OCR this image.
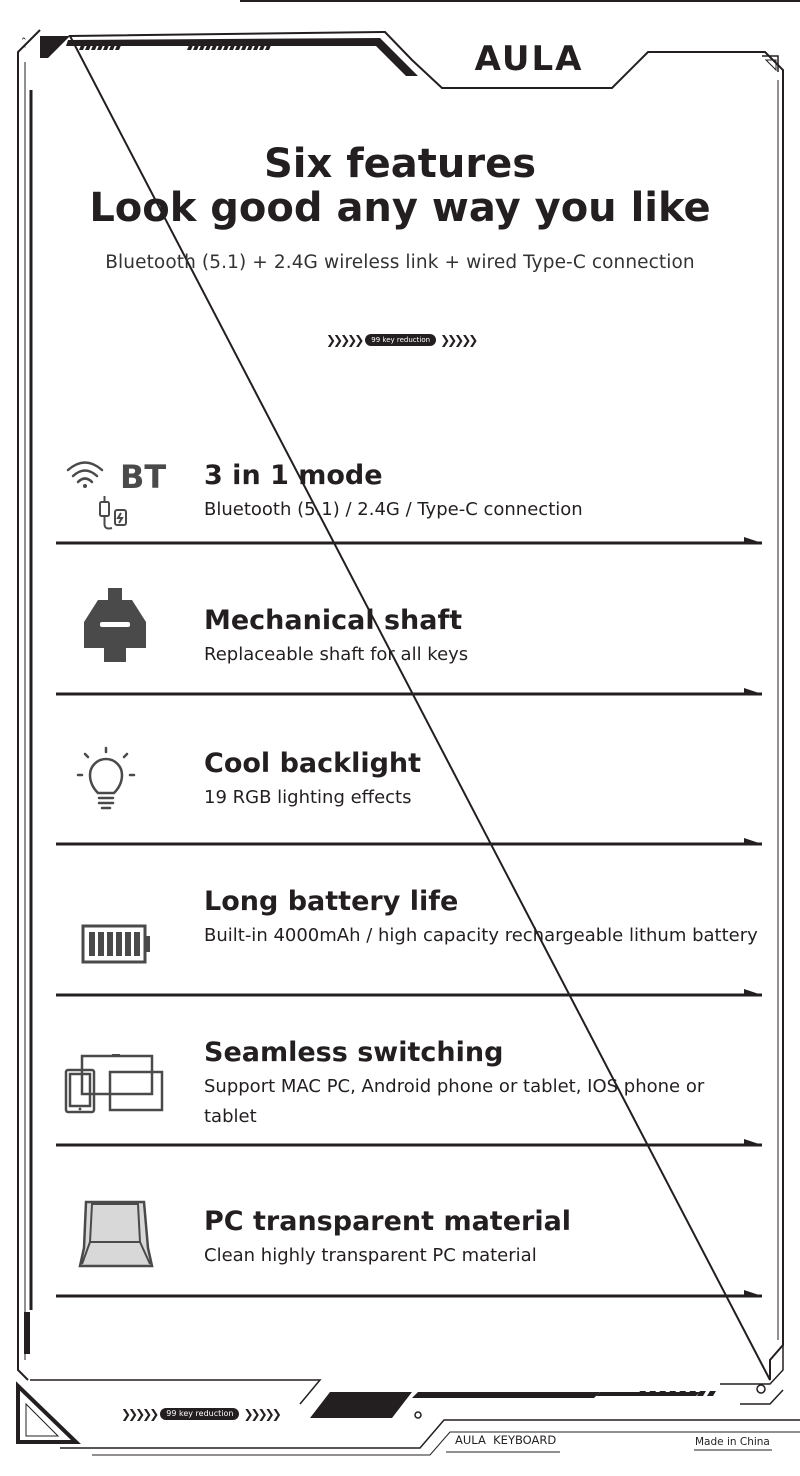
⌃
⌃	AULA
Six features
Look good any way you like
Bluetooth (5.1) + 2.4G wireless link + wired Type-C connection
❯❯❯❯❯	99 key reduction ❯❯❯❯❯
BT 3 in 1 mode
Bluetooth (5.1) / 2.4G / Type-C connection
Mechanical shaft
Replaceable shaft for all keys
Cool backlight
19 RGB lighting effects
Long battery life
Built-in 4000mAh / high capacity rechargeable lithum battery
Seamless switching
Support MAC PC, Android phone or tablet, IOS phone or tablet
PC transparent material
Clean highly transparent PC material
❯❯❯❯❯	99 key reduction ❯❯❯❯❯
AULA  KEYBOARD	Made in China
